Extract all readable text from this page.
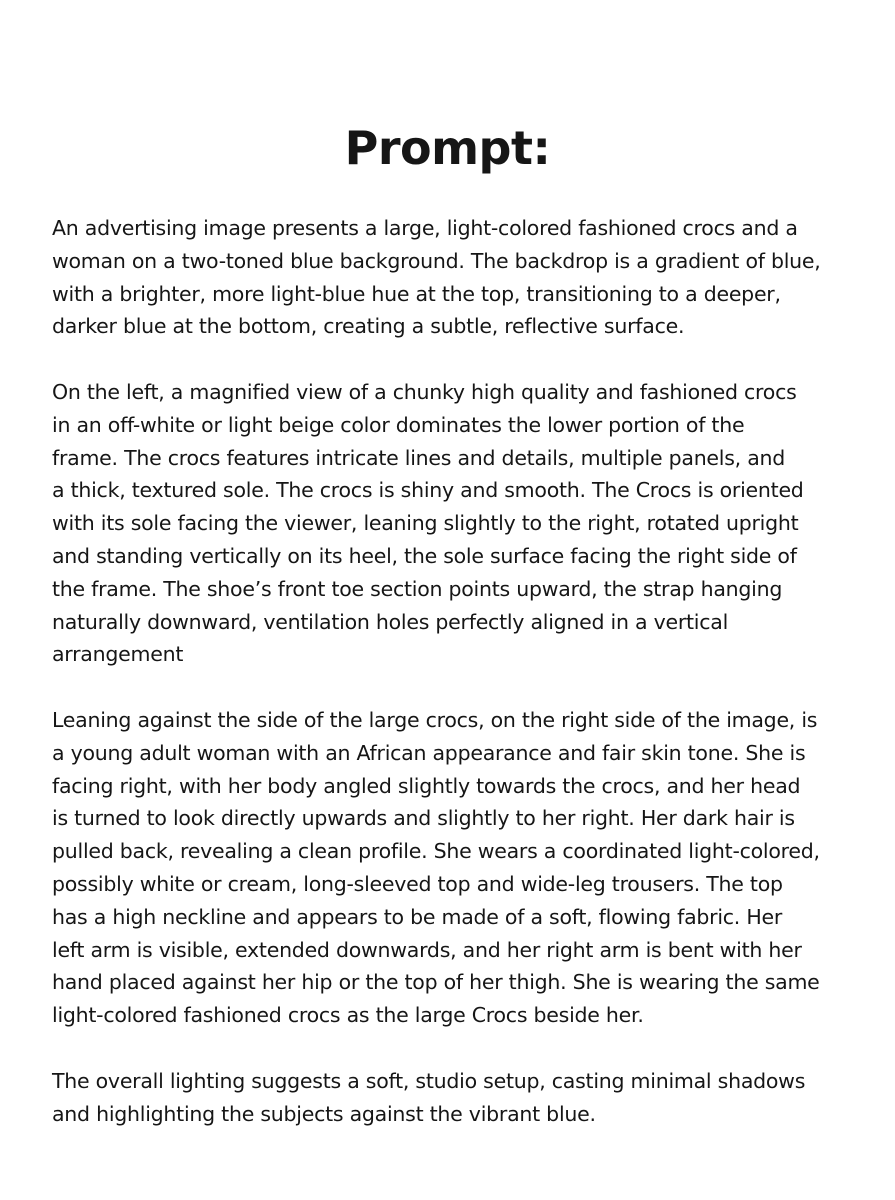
Prompt:

An advertising image presents a large, light-colored fashioned crocs and a
woman on a two-toned blue background. The backdrop is a gradient of blue,
with a brighter, more light-blue hue at the top, transitioning to a deeper,
darker blue at the bottom, creating a subtle, reflective surface.

On the left, a magnified view of a chunky high quality and fashioned crocs
in an off-white or light beige color dominates the lower portion of the
frame. The crocs features intricate lines and details, multiple panels, and
a thick, textured sole. The crocs is shiny and smooth. The Crocs is oriented
with its sole facing the viewer, leaning slightly to the right, rotated upright
and standing vertically on its heel, the sole surface facing the right side of
the frame. The shoe’s front toe section points upward, the strap hanging
naturally downward, ventilation holes perfectly aligned in a vertical
arrangement

Leaning against the side of the large crocs, on the right side of the image, is
a young adult woman with an African appearance and fair skin tone. She is
facing right, with her body angled slightly towards the crocs, and her head
is turned to look directly upwards and slightly to her right. Her dark hair is
pulled back, revealing a clean profile. She wears a coordinated light-colored,
possibly white or cream, long-sleeved top and wide-leg trousers. The top
has a high neckline and appears to be made of a soft, flowing fabric. Her
left arm is visible, extended downwards, and her right arm is bent with her
hand placed against her hip or the top of her thigh. She is wearing the same
light-colored fashioned crocs as the large Crocs beside her.

The overall lighting suggests a soft, studio setup, casting minimal shadows
and highlighting the subjects against the vibrant blue.
